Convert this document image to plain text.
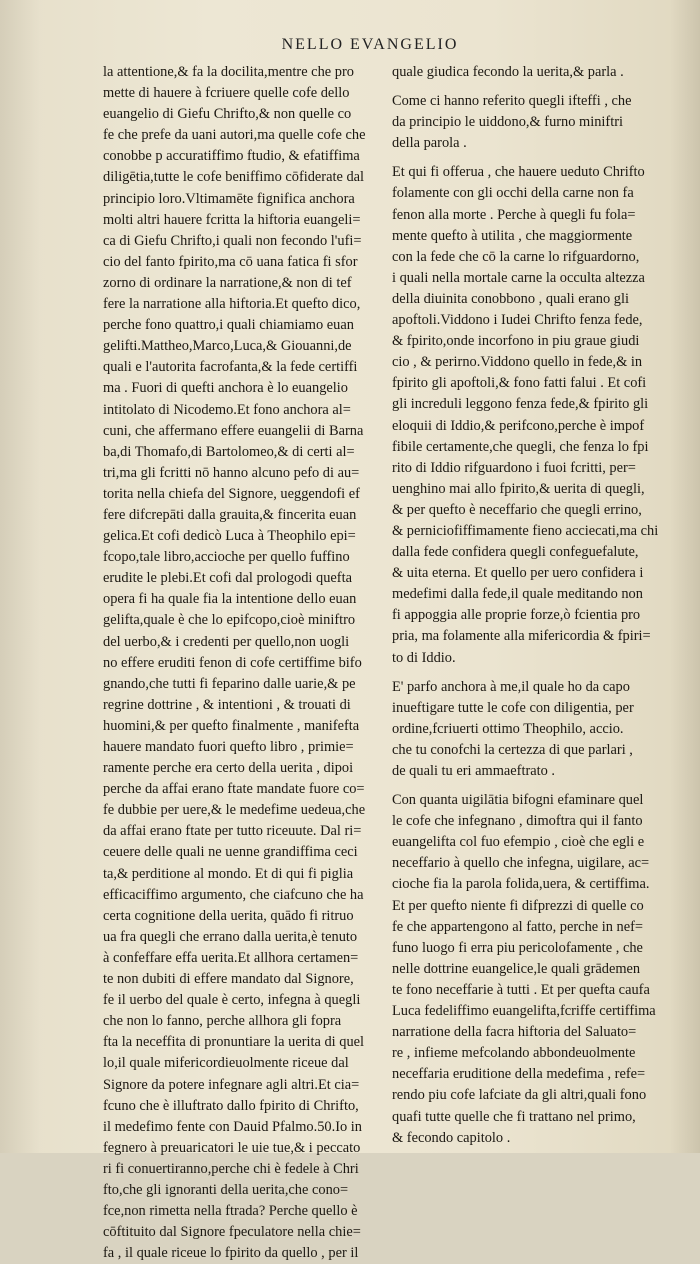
NELLO EVANGELIO
la attentione,& fa la docilita,mentre che pro
mette di hauere à fcriuere quelle cofe dello
euangelio di Giefu Chrifto,& non quelle co
fe che prefe da uani autori,ma quelle cofe che
conobbe p accuratiffimo ftudio, & efatiffima
diligētia,tutte le cofe beniffimo cōfiderate dal
principio loro.Vltimamēte fignifica anchora
molti altri hauere fcritta la hiftoria euangeli=
ca di Giefu Chrifto,i quali non fecondo l'ufi=
cio del fanto fpirito,ma cō uana fatica fi sfor
zorno di ordinare la narratione,& non di tef
fere la narratione alla hiftoria.Et quefto dico,
perche fono quattro,i quali chiamiamo euan
gelifti.Mattheo,Marco,Luca,& Giouanni,de
quali e l'autorita facrofanta,& la fede certiffi
ma . Fuori di quefti anchora è lo euangelio
intitolato di Nicodemo.Et fono anchora al=
cuni, che affermano effere euangelii di Barna
ba,di Thomafo,di Bartolomeo,& di certi al=
tri,ma gli fcritti nō hanno alcuno pefo di au=
torita nella chiefa del Signore, ueggendofi ef
fere difcrepāti dalla grauita,& fincerita euan
gelica.Et cofi dedicò Luca à Theophilo epi=
fcopo,tale libro,accioche per quello fuffino
erudite le plebi.Et cofi dal prologodi quefta
opera fi ha quale fia la intentione dello euan
gelifta,quale è che lo epifcopo,cioè miniftro
del uerbo,& i credenti per quello,non uogli
no effere eruditi fenon di cofe certiffime bifo
gnando,che tutti fi feparino dalle uarie,& pe
regrine dottrine , & intentioni , & trouati di
huomini,& per quefto finalmente , manifefta
hauere mandato fuori quefto libro , primie=
ramente perche era certo della uerita , dipoi
perche da affai erano ftate mandate fuore co=
fe dubbie per uere,& le medefime uedeua,che
da affai erano ftate per tutto riceuute. Dal ri=
ceuere delle quali ne uenne grandiffima ceci
ta,& perditione al mondo. Et di qui fi piglia
efficaciffimo argumento, che ciafcuno che ha
certa cognitione della uerita, quādo fi ritruo
ua fra quegli che errano dalla uerita,è tenuto
à confeffare effa uerita.Et allhora certamen=
te non dubiti di effere mandato dal Signore,
fe il uerbo del quale è certo, infegna à quegli
che non lo fanno, perche allhora gli fopra
fta la neceffita di pronuntiare la uerita di quel
lo,il quale mifericordieuolmente riceue dal
Signore da potere infegnare agli altri.Et cia=
fcuno che è illuftrato dallo fpirito di Chrifto,
il medefimo fente con Dauid Pfalmo.50.Io in
fegnero à preuaricatori le uie tue,& i peccato
ri fi conuertiranno,perche chi è fedele à Chri
fto,che gli ignoranti della uerita,che cono=
fce,non rimetta nella ftrada? Perche quello è
cōftituito dal Signore fpeculatore nella chie=
fa , il quale riceue lo fpirito da quello , per il
quale giudica fecondo la uerita,& parla .
Come ci hanno referito quegli ifteffi , che
da principio le uiddono,& furno miniftri
della parola .
Et qui fi offerua , che hauere ueduto Chrifto
folamente con gli occhi della carne non fa
fenon alla morte . Perche à quegli fu fola=
mente quefto à utilita , che maggiormente
con la fede che cō la carne lo rifguardorno,
i quali nella mortale carne la occulta altezza
della diuinita conobbono , quali erano gli
apoftoli.Viddono i Iudei Chrifto fenza fede,
& fpirito,onde incorfono in piu graue giudi
cio , & perirno.Viddono quello in fede,& in
fpirito gli apoftoli,& fono fatti falui . Et cofi
gli increduli leggono fenza fede,& fpirito gli
eloquii di Iddio,& perifcono,perche è impof
fibile certamente,che quegli, che fenza lo fpi
rito di Iddio rifguardono i fuoi fcritti, per=
uenghino mai allo fpirito,& uerita di quegli,
& per quefto è neceffario che quegli errino,
& perniciofiffimamente fieno acciecati,ma chi
dalla fede confidera quegli confeguefalute,
& uita eterna. Et quello per uero confidera i
medefimi dalla fede,il quale meditando non
fi appoggia alle proprie forze,ò fcientia pro
pria, ma folamente alla mifericordia & fpiri=
to di Iddio.
E' parfo anchora à me,il quale ho da capo
inueftigare tutte le cofe con diligentia, per
ordine,fcriuerti ottimo Theophilo, accio.
che tu conofchi la certezza di que parlari ,
de quali tu eri ammaeftrato .
Con quanta uigilātia bifogni efaminare quel
le cofe che infegnano , dimoftra qui il fanto
euangelifta col fuo efempio , cioè che egli e
neceffario à quello che infegna, uigilare, ac=
cioche fia la parola folida,uera, & certiffima.
Et per quefto niente fi difprezzi di quelle co
fe che appartengono al fatto, perche in nef=
funo luogo fi erra piu pericolofamente , che
nelle dottrine euangelice,le quali grādemen
te fono neceffarie à tutti . Et per quefta caufa
Luca fedeliffimo euangelifta,fcriffe certiffima
narratione della facra hiftoria del Saluato=
re , infieme mefcolando abbondeuolmente
neceffaria eruditione della medefima , refe=
rendo piu cofe lafciate da gli altri,quali fono
quafi tutte quelle che fi trattano nel primo,
& fecondo capitolo .
